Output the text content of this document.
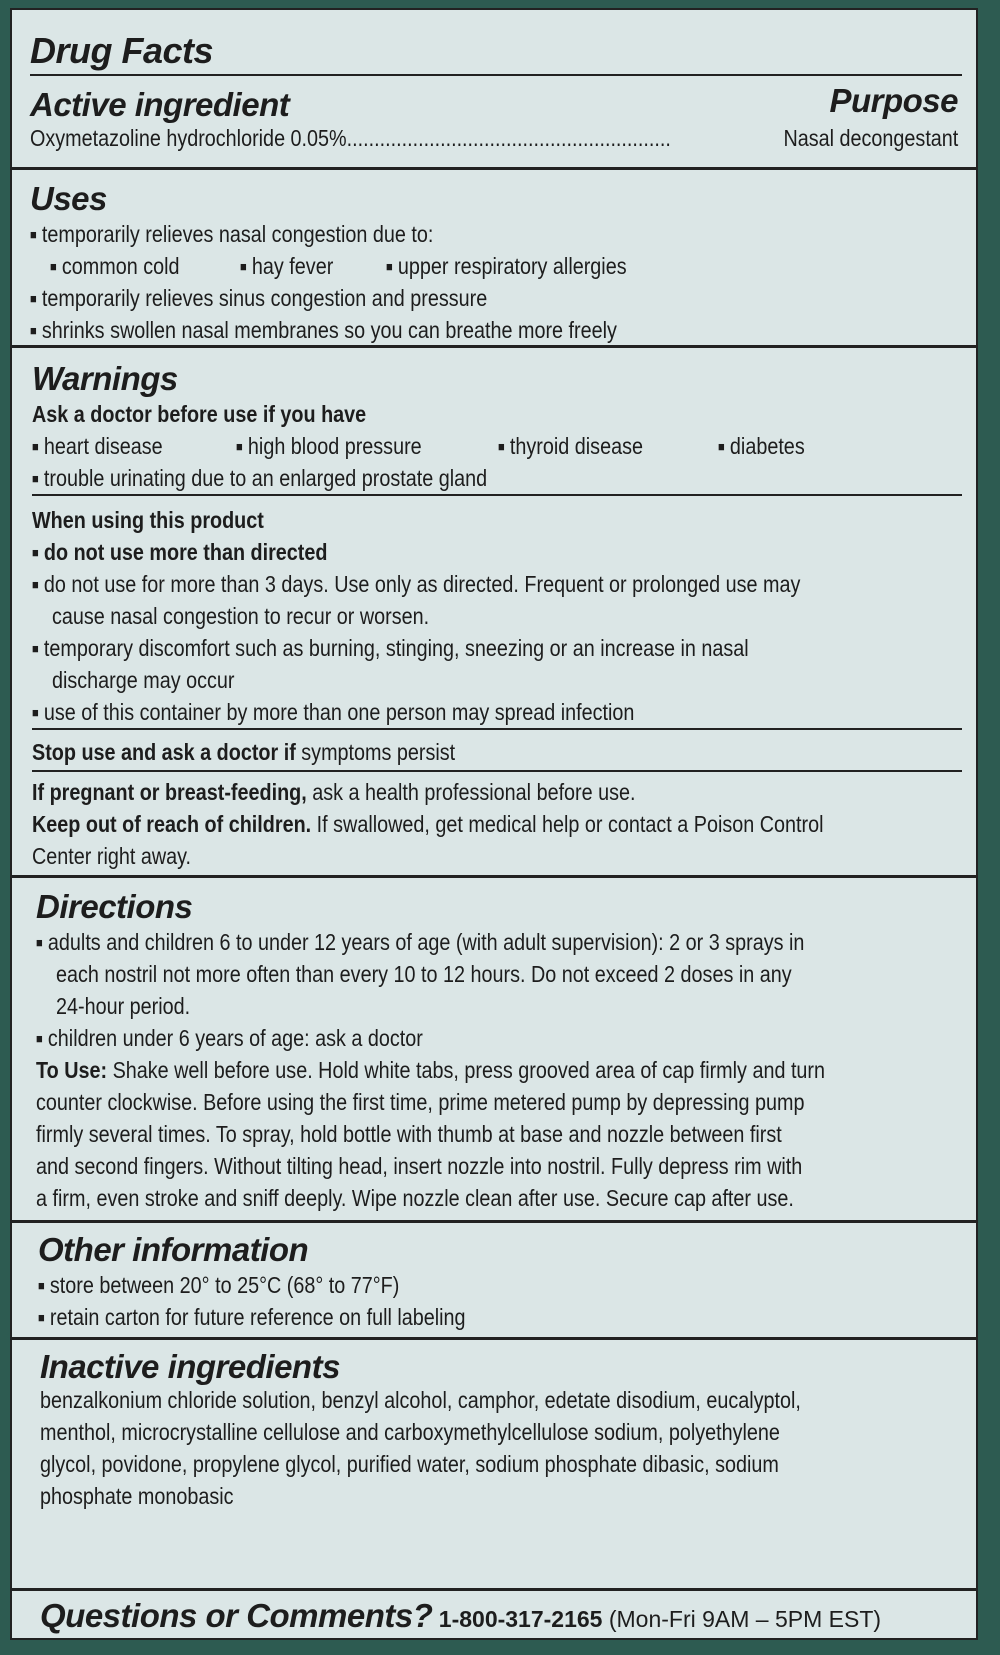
Drug Facts
Active ingredient	Purpose
Oxymetazoline hydrochloride 0.05%...........................................................	Nasal decongestant
Uses
■ temporarily relieves nasal congestion due to:
■ common cold	■ hay fever	■ upper respiratory allergies
■ temporarily relieves sinus congestion and pressure
■ shrinks swollen nasal membranes so you can breathe more freely
Warnings
Ask a doctor before use if you have
■ heart disease	■ high blood pressure	■ thyroid disease	■ diabetes
■ trouble urinating due to an enlarged prostate gland
When using this product
■ do not use more than directed
■ do not use for more than 3 days. Use only as directed. Frequent or prolonged use may
cause nasal congestion to recur or worsen.
■ temporary discomfort such as burning, stinging, sneezing or an increase in nasal
discharge may occur
■ use of this container by more than one person may spread infection
Stop use and ask a doctor if symptoms persist
If pregnant or breast-feeding, ask a health professional before use.
Keep out of reach of children. If swallowed, get medical help or contact a Poison Control
Center right away.
Directions
■ adults and children 6 to under 12 years of age (with adult supervision): 2 or 3 sprays in
each nostril not more often than every 10 to 12 hours. Do not exceed 2 doses in any
24-hour period.
■ children under 6 years of age: ask a doctor
To Use: Shake well before use. Hold white tabs, press grooved area of cap firmly and turn
counter clockwise. Before using the first time, prime metered pump by depressing pump
firmly several times. To spray, hold bottle with thumb at base and nozzle between first
and second fingers. Without tilting head, insert nozzle into nostril. Fully depress rim with
a firm, even stroke and sniff deeply. Wipe nozzle clean after use. Secure cap after use.
Other information
■ store between 20° to 25°C (68° to 77°F)
■ retain carton for future reference on full labeling
Inactive ingredients
benzalkonium chloride solution, benzyl alcohol, camphor, edetate disodium, eucalyptol,
menthol, microcrystalline cellulose and carboxymethylcellulose sodium, polyethylene
glycol, povidone, propylene glycol, purified water, sodium phosphate dibasic, sodium
phosphate monobasic
Questions or Comments? 1-800-317-2165 (Mon-Fri 9AM – 5PM EST)
